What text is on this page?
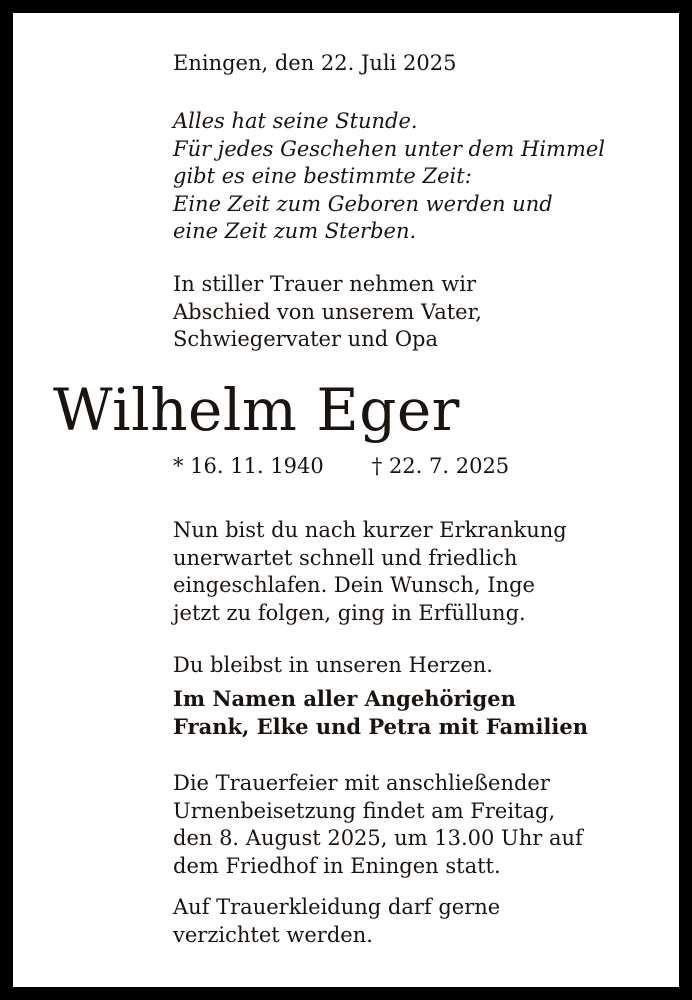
Eningen, den 22. Juli 2025
Alles hat seine Stunde.
Für jedes Geschehen unter dem Himmel
gibt es eine bestimmte Zeit:
Eine Zeit zum Geboren werden und
eine Zeit zum Sterben.
In stiller Trauer nehmen wir
Abschied von unserem Vater,
Schwiegervater und Opa
Wilhelm Eger
* 16. 11. 1940 † 22. 7. 2025
Nun bist du nach kurzer Erkrankung
unerwartet schnell und friedlich
eingeschlafen. Dein Wunsch, Inge
jetzt zu folgen, ging in Erfüllung.
Du bleibst in unseren Herzen.
Im Namen aller Angehörigen
Frank, Elke und Petra mit Familien
Die Trauerfeier mit anschließender
Urnenbeisetzung findet am Freitag,
den 8. August 2025, um 13.00 Uhr auf
dem Friedhof in Eningen statt.
Auf Trauerkleidung darf gerne
verzichtet werden.
